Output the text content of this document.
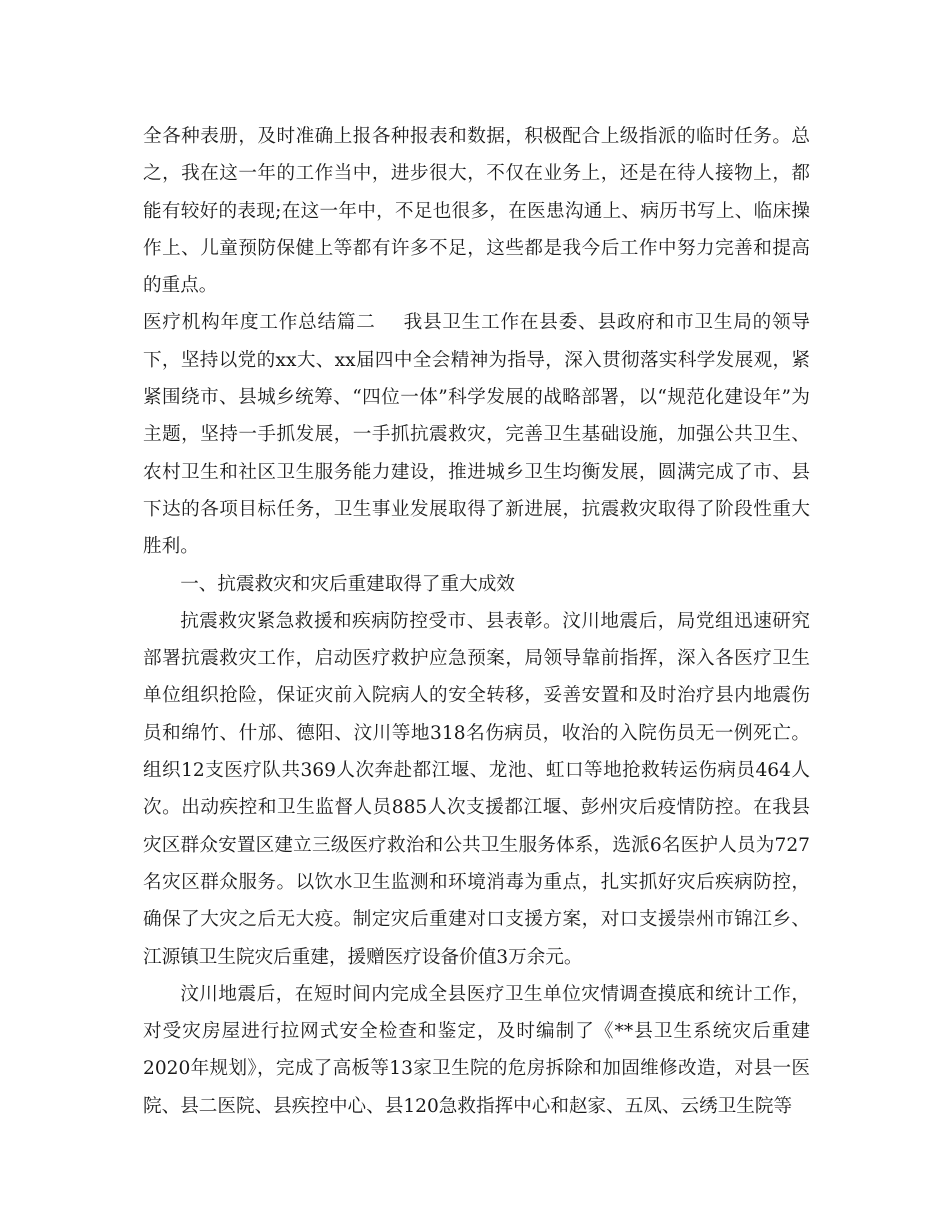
全各种表册，及时准确上报各种报表和数据，积极配合上级指派的临时任务。总之，我在这一年的工作当中，进步很大，不仅在业务上，还是在待人接物上，都能有较好的表现;在这一年中，不足也很多，在医患沟通上、病历书写上、临床操作上、儿童预防保健上等都有许多不足，这些都是我今后工作中努力完善和提高的重点。

医疗机构年度工作总结篇二 我县卫生工作在县委、县政府和市卫生局的领导下，坚持以党的xx大、xx届四中全会精神为指导，深入贯彻落实科学发展观，紧紧围绕市、县城乡统筹、“四位一体”科学发展的战略部署，以“规范化建设年”为主题，坚持一手抓发展，一手抓抗震救灾，完善卫生基础设施，加强公共卫生、农村卫生和社区卫生服务能力建设，推进城乡卫生均衡发展，圆满完成了市、县下达的各项目标任务，卫生事业发展取得了新进展，抗震救灾取得了阶段性重大胜利。

一、抗震救灾和灾后重建取得了重大成效

抗震救灾紧急救援和疾病防控受市、县表彰。汶川地震后，局党组迅速研究部署抗震救灾工作，启动医疗救护应急预案，局领导靠前指挥，深入各医疗卫生单位组织抢险，保证灾前入院病人的安全转移，妥善安置和及时治疗县内地震伤员和绵竹、什邡、德阳、汶川等地318名伤病员，收治的入院伤员无一例死亡。组织12支医疗队共369人次奔赴都江堰、龙池、虹口等地抢救转运伤病员464人次。出动疾控和卫生监督人员885人次支援都江堰、彭州灾后疫情防控。在我县灾区群众安置区建立三级医疗救治和公共卫生服务体系，选派6名医护人员为727名灾区群众服务。以饮水卫生监测和环境消毒为重点，扎实抓好灾后疾病防控，确保了大灾之后无大疫。制定灾后重建对口支援方案，对口支援崇州市锦江乡、江源镇卫生院灾后重建，援赠医疗设备价值3万余元。

汶川地震后，在短时间内完成全县医疗卫生单位灾情调查摸底和统计工作，对受灾房屋进行拉网式安全检查和鉴定，及时编制了《**县卫生系统灾后重建2020年规划》，完成了高板等13家卫生院的危房拆除和加固维修改造，对县一医院、县二医院、县疾控中心、县120急救指挥中心和赵家、五凤、云绣卫生院等
